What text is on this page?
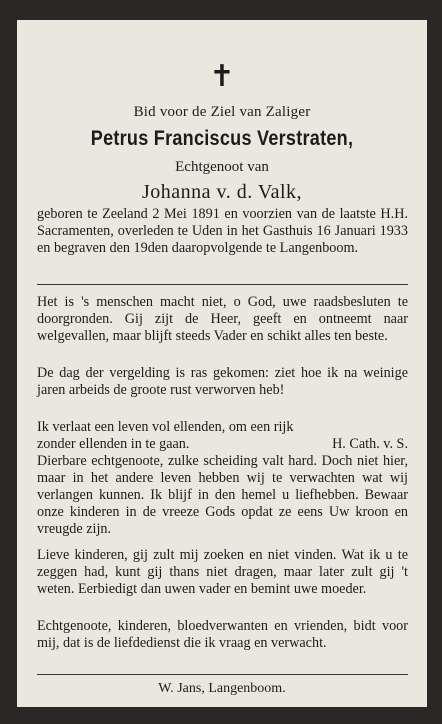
✝
Bid voor de Ziel van Zaliger
Petrus Franciscus Verstraten,
Echtgenoot van
Johanna v. d. Valk,
geboren te Zeeland 2 Mei 1891 en voorzien van de laatste H.H. Sacramenten, overleden te Uden in het Gasthuis 16 Januari 1933 en begraven den 19den daaropvolgende te Langenboom.
Het is 's menschen macht niet, o God, uwe raadsbesluten te doorgronden. Gij zijt de Heer, geeft en ontneemt naar welgevallen, maar blijft steeds Vader en schikt alles ten beste.
De dag der vergelding is ras gekomen: ziet hoe ik na weinige jaren arbeids de groote rust verworven heb!
Ik verlaat een leven vol ellenden, om een rijk
zonder ellenden in te gaan.	H. Cath. v. S.
Dierbare echtgenoote, zulke scheiding valt hard. Doch niet hier, maar in het andere leven hebben wij te verwachten wat wij verlangen kunnen. Ik blijf in den hemel u liefhebben. Bewaar onze kinderen in de vreeze Gods opdat ze eens Uw kroon en vreugde zijn.
Lieve kinderen, gij zult mij zoeken en niet vinden. Wat ik u te zeggen had, kunt gij thans niet dragen, maar later zult gij 't weten. Eerbiedigt dan uwen vader en bemint uwe moeder.
Echtgenoote, kinderen, bloedverwanten en vrienden, bidt voor mij, dat is de liefdedienst die ik vraag en verwacht.
W. Jans, Langenboom.
